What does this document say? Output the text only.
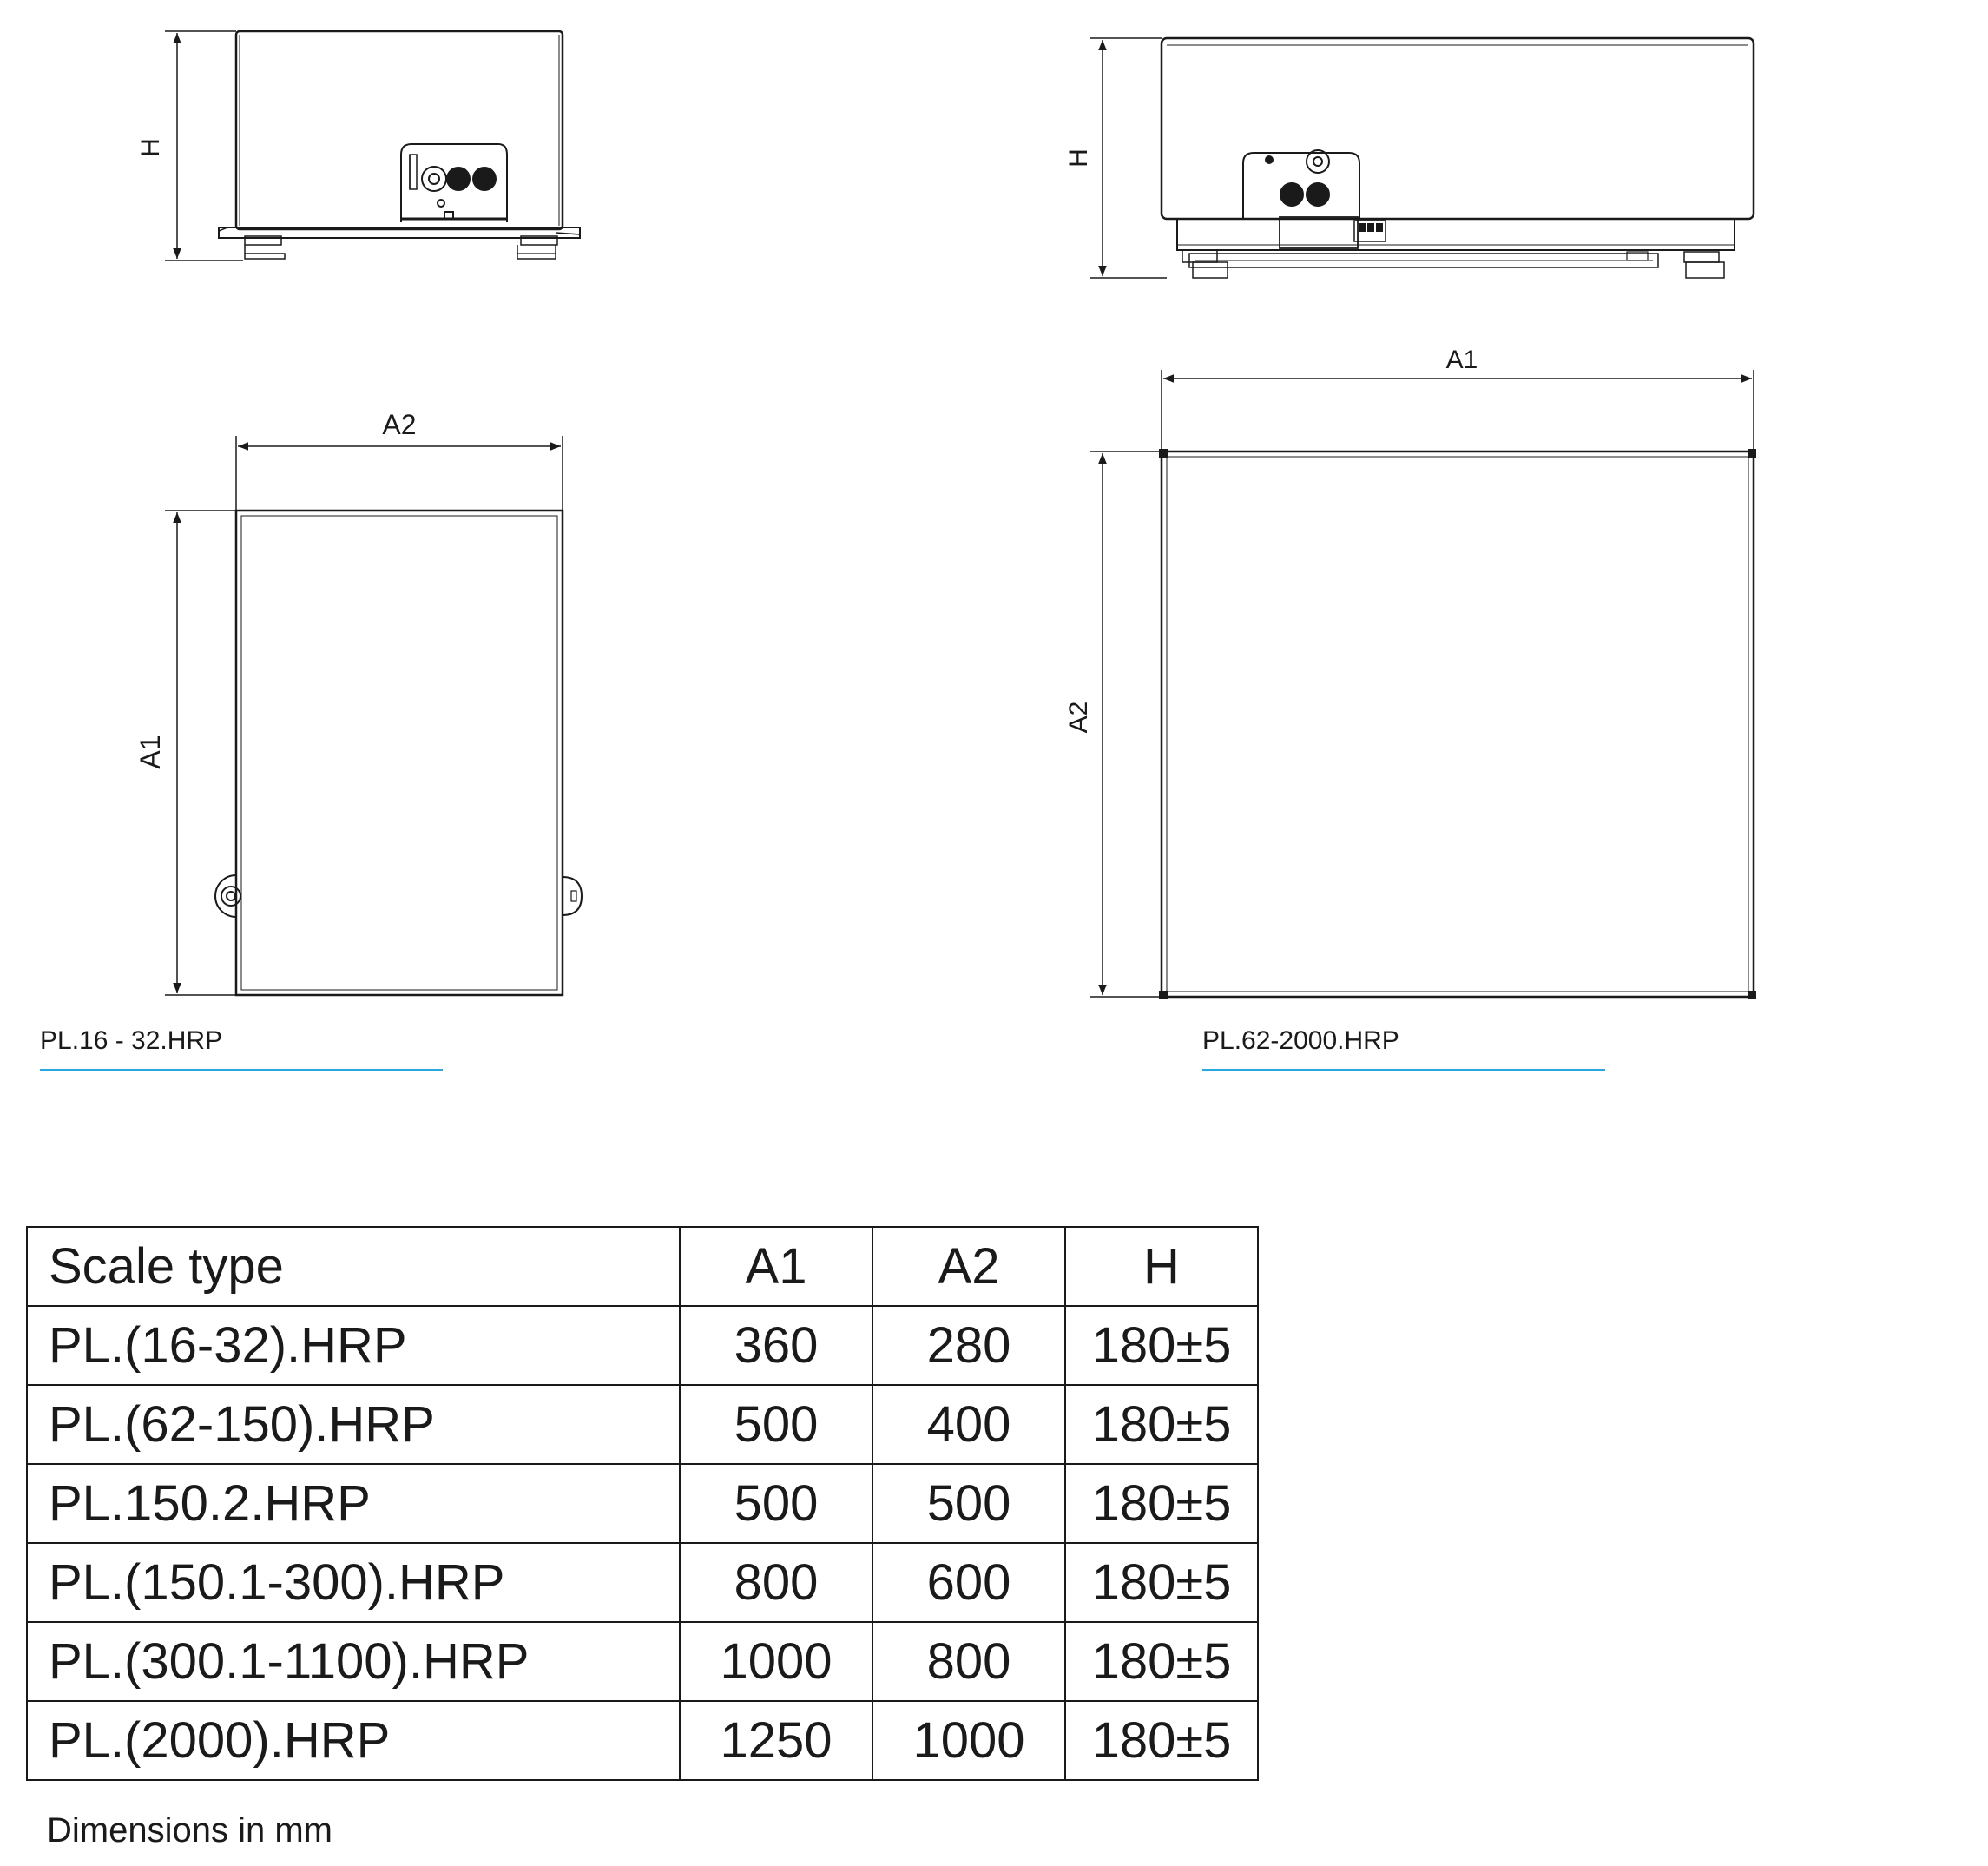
H
A2
A1
H
A1
A2
PL.16 - 32.HRP	PL.62-2000.HRP
Scale type	A1	A2	H
PL.(16-32).HRP	360	280	180±5
PL.(62-150).HRP	500	400	180±5
PL.150.2.HRP	500	500	180±5
PL.(150.1-300).HRP	800	600	180±5
PL.(300.1-1100).HRP	1000	800	180±5
PL.(2000).HRP	1250	1000	180±5
Dimensions in mm
